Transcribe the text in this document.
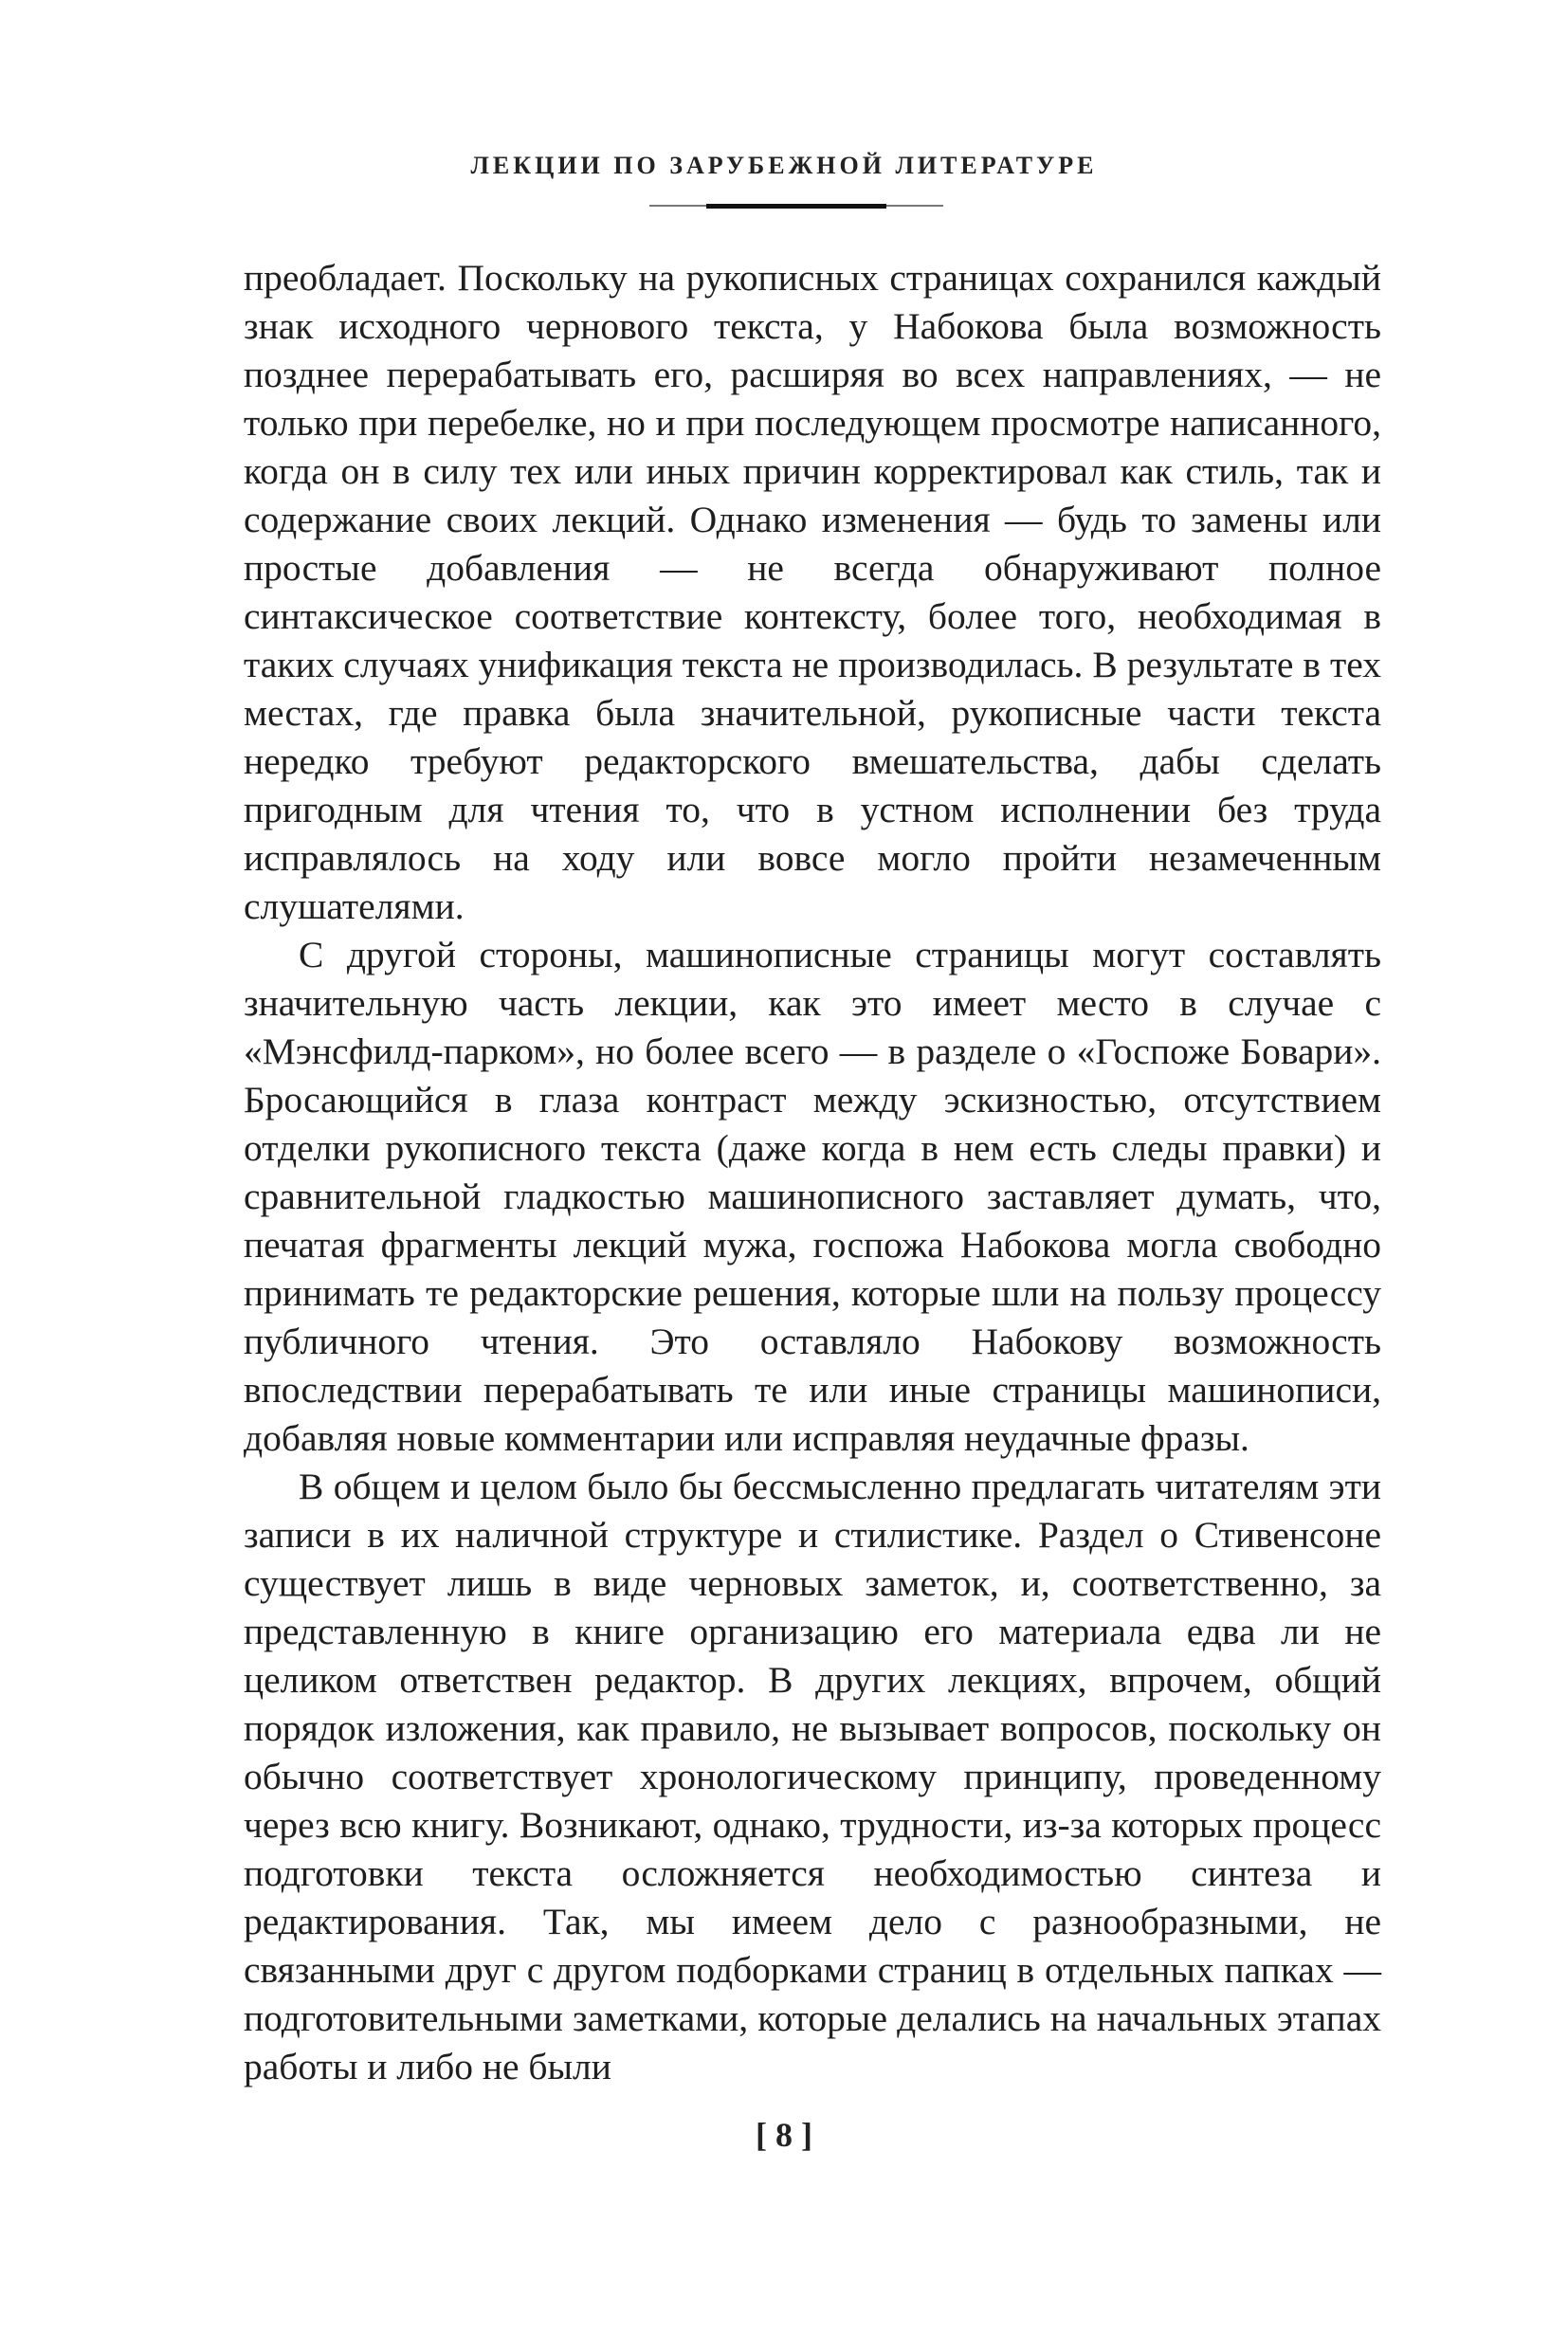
ЛЕКЦИИ ПО ЗАРУБЕЖНОЙ ЛИТЕРАТУРЕ

преобладает. Поскольку на рукописных страницах сохранился каждый знак исходного чернового текста, у Набокова была возможность позднее перерабатывать его, расширяя во всех направлениях, — не только при перебелке, но и при последующем просмотре написанного, когда он в силу тех или иных причин корректировал как стиль, так и содержание своих лекций. Однако изменения — будь то замены или простые добавления — не всегда обнаруживают полное синтаксическое соответствие контексту, более того, необходимая в таких случаях унификация текста не производилась. В результате в тех местах, где правка была значительной, рукописные части текста нередко требуют редакторского вмешательства, дабы сделать пригодным для чтения то, что в устном исполнении без труда исправлялось на ходу или вовсе могло пройти незамеченным слушателями.

С другой стороны, машинописные страницы могут составлять значительную часть лекции, как это имеет место в случае с «Мэнсфилд-парком», но более всего — в разделе о «Госпоже Бовари». Бросающийся в глаза контраст между эскизностью, отсутствием отделки рукописного текста (даже когда в нем есть следы правки) и сравнительной гладкостью машинописного заставляет думать, что, печатая фрагменты лекций мужа, госпожа Набокова могла свободно принимать те редакторские решения, которые шли на пользу процессу публичного чтения. Это оставляло Набокову возможность впоследствии перерабатывать те или иные страницы машинописи, добавляя новые комментарии или исправляя неудачные фразы.

В общем и целом было бы бессмысленно предлагать читателям эти записи в их наличной структуре и стилистике. Раздел о Стивенсоне существует лишь в виде черновых заметок, и, соответственно, за представленную в книге организацию его материала едва ли не целиком ответствен редактор. В других лекциях, впрочем, общий порядок изложения, как правило, не вызывает вопросов, поскольку он обычно соответствует хронологическому принципу, проведенному через всю книгу. Возникают, однако, трудности, из-за которых процесс подготовки текста осложняется необходимостью синтеза и редактирования. Так, мы имеем дело с разнообразными, не связанными друг с другом подборками страниц в отдельных папках — подготовительными заметками, которые делались на начальных этапах работы и либо не были

[ 8 ]
